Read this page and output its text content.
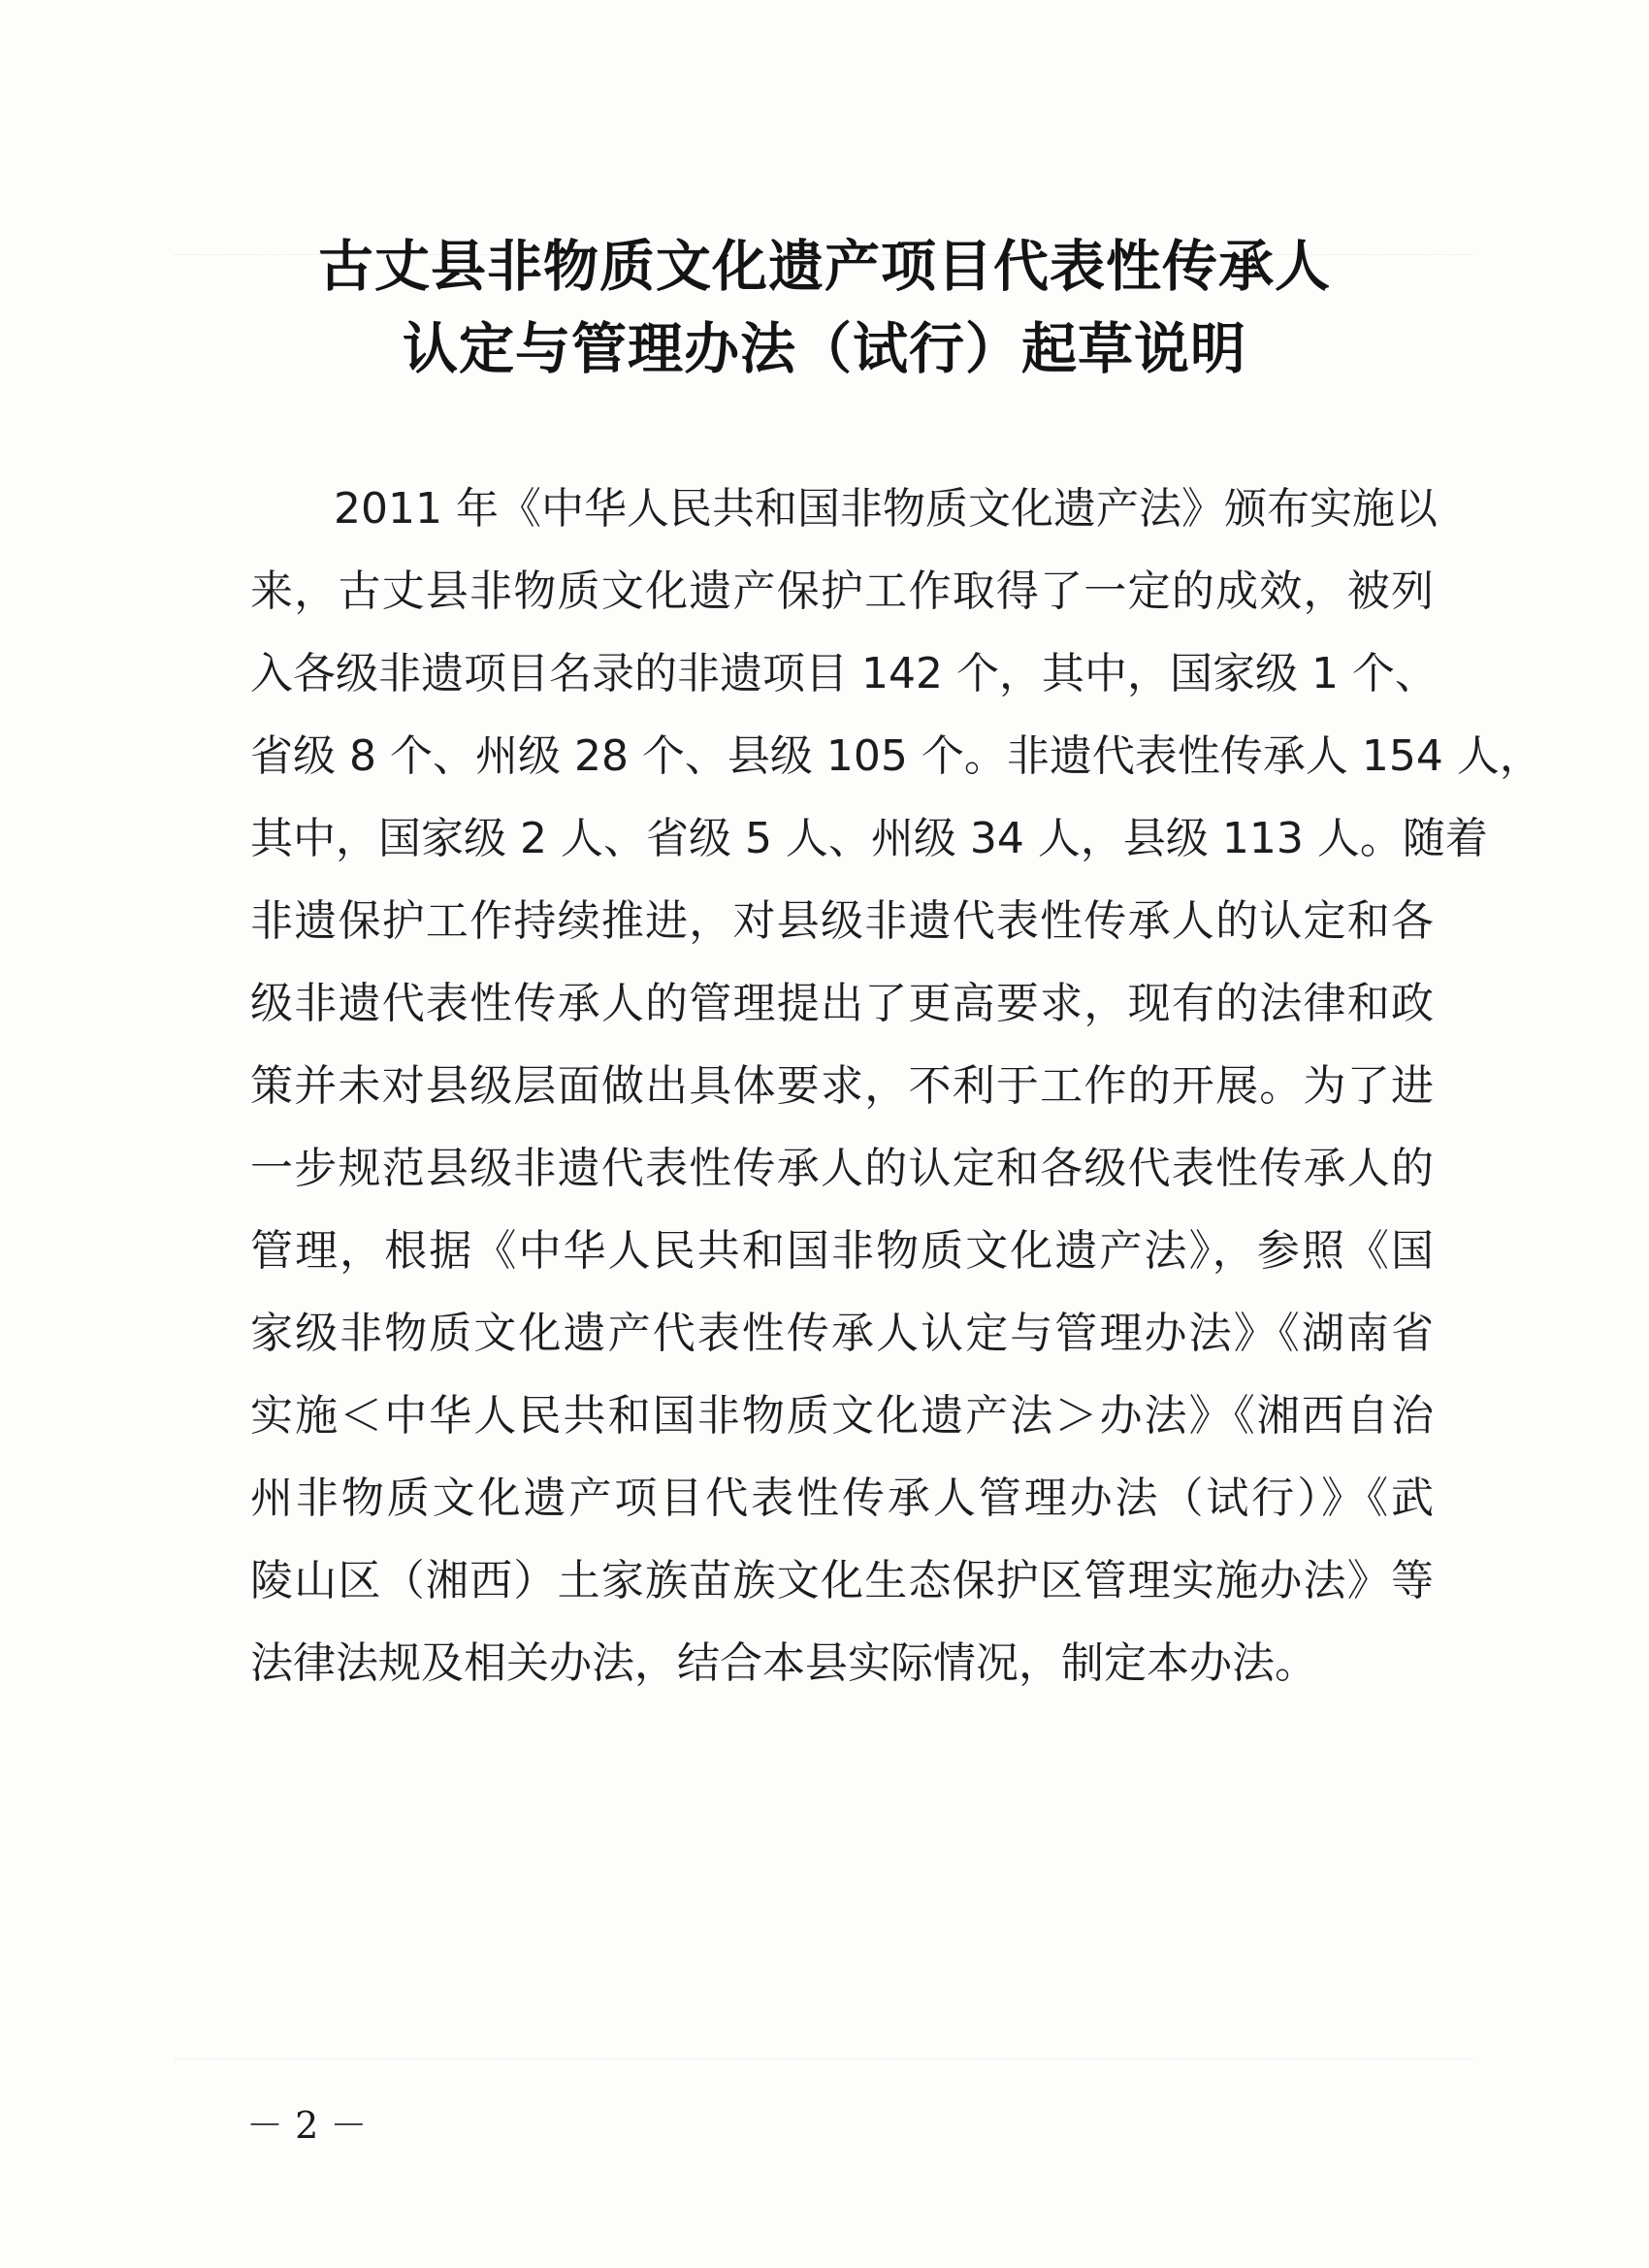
古丈县非物质文化遗产项目代表性传承人
认定与管理办法（试行）起草说明

2011 年《中华人民共和国非物质文化遗产法》颁布实施以

来，古丈县非物质文化遗产保护工作取得了一定的成效，被列

入各级非遗项目名录的非遗项目 142 个，其中，国家级 1 个、

省级 8 个、州级 28 个、县级 105 个。非遗代表性传承人 154 人，

其中，国家级 2 人、省级 5 人、州级 34 人，县级 113 人。随着

非遗保护工作持续推进，对县级非遗代表性传承人的认定和各

级非遗代表性传承人的管理提出了更高要求，现有的法律和政

策并未对县级层面做出具体要求，不利于工作的开展。为了进

一步规范县级非遗代表性传承人的认定和各级代表性传承人的

管理，根据《中华人民共和国非物质文化遗产法》，参照《国

家级非物质文化遗产代表性传承人认定与管理办法》《湖南省

实施＜中华人民共和国非物质文化遗产法＞办法》《湘西自治

州非物质文化遗产项目代表性传承人管理办法（试行）》《武

陵山区（湘西）土家族苗族文化生态保护区管理实施办法》等

法律法规及相关办法，结合本县实际情况，制定本办法。

－ 2 －
